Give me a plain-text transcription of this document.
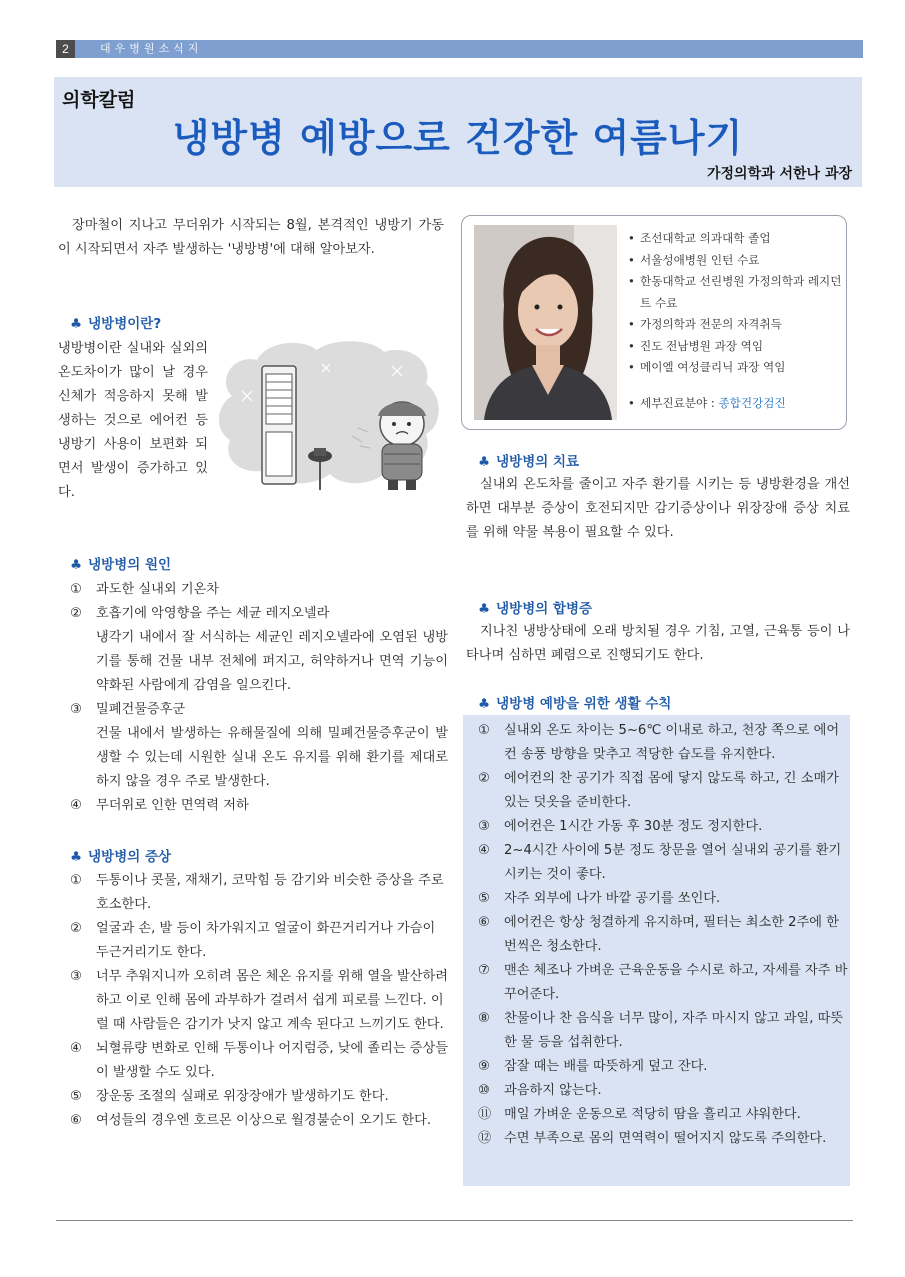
2	대우병원소식지
의학칼럼
냉방병 예방으로 건강한 여름나기
가정의학과 서한나 과장

장마철이 지나고 무더위가 시작되는 8월, 본격적인 냉방기 가동이 시작되면서 자주 발생하는 '냉방병'에 대해 알아보자.

♣ 냉방병이란?

냉방병이란 실내와 실외의 온도차이가 많이 날 경우 신체가 적응하지 못해 발생하는 것으로 에어컨 등 냉방기 사용이 보편화 되면서 발생이 증가하고 있다.

♣ 냉방병의 원인
①	과도한 실내외 기온차
②	호흡기에 악영향을 주는 세균 레지오넬라
냉각기 내에서 잘 서식하는 세균인 레지오넬라에 오염된 냉방기를 통해 건물 내부 전체에 퍼지고, 허약하거나 면역 기능이 약화된 사람에게 감염을 일으킨다.
③	밀폐건물증후군
건물 내에서 발생하는 유해물질에 의해 밀폐건물증후군이 발생할 수 있는데 시원한 실내 온도 유지를 위해 환기를 제대로 하지 않을 경우 주로 발생한다.
④	무더위로 인한 면역력 저하
♣ 냉방병의 증상
①	두통이나 콧물, 재채기, 코막힘 등 감기와 비슷한 증상을 주로 호소한다.
②	얼굴과 손, 발 등이 차가워지고 얼굴이 화끈거리거나 가슴이 두근거리기도 한다.
③	너무 추워지니까 오히려 몸은 체온 유지를 위해 열을 발산하려 하고 이로 인해 몸에 과부하가 걸려서 쉽게 피로를 느낀다. 이럴 때 사람들은 감기가 낫지 않고 계속 된다고 느끼기도 한다.
④	뇌혈류량 변화로 인해 두통이나 어지럼증, 낮에 졸리는 증상들이 발생할 수도 있다.
⑤	장운동 조절의 실패로 위장장애가 발생하기도 한다.
⑥	여성들의 경우엔 호르몬 이상으로 월경불순이 오기도 한다.
• 조선대학교 의과대학 졸업
• 서울성애병원 인턴 수료
• 한동대학교 선린병원 가정의학과 레지던트 수료
• 가정의학과 전문의 자격취득
• 진도 전남병원 과장 역임
• 메이엘 여성클리닉 과장 역임
• 세부진료분야 : 종합건강검진
♣ 냉방병의 치료

실내외 온도차를 줄이고 자주 환기를 시키는 등 냉방환경을 개선하면 대부분 증상이 호전되지만 감기증상이나 위장장애 증상 치료를 위해 약물 복용이 필요할 수 있다.

♣ 냉방병의 합병증

지나친 냉방상태에 오래 방치될 경우 기침, 고열, 근육통 등이 나타나며 심하면 폐렴으로 진행되기도 한다.

♣ 냉방병 예방을 위한 생활 수칙
①	실내외 온도 차이는 5~6℃ 이내로 하고, 천장 쪽으로 에어컨 송풍 방향을 맞추고 적당한 습도를 유지한다.
②	에어컨의 찬 공기가 직접 몸에 닿지 않도록 하고, 긴 소매가 있는 덧옷을 준비한다.
③	에어컨은 1시간 가동 후 30분 정도 정지한다.
④	2~4시간 사이에 5분 정도 창문을 열어 실내외 공기를 환기시키는 것이 좋다.
⑤	자주 외부에 나가 바깥 공기를 쏘인다.
⑥	에어컨은 항상 청결하게 유지하며, 필터는 최소한 2주에 한 번씩은 청소한다.
⑦	맨손 체조나 가벼운 근육운동을 수시로 하고, 자세를 자주 바꾸어준다.
⑧	찬물이나 찬 음식을 너무 많이, 자주 마시지 않고 과일, 따뜻한 물 등을 섭취한다.
⑨	잠잘 때는 배를 따뜻하게 덮고 잔다.
⑩	과음하지 않는다.
⑪ 매일 가벼운 운동으로 적당히 땀을 흘리고 샤워한다.
⑫ 수면 부족으로 몸의 면역력이 떨어지지 않도록 주의한다.
